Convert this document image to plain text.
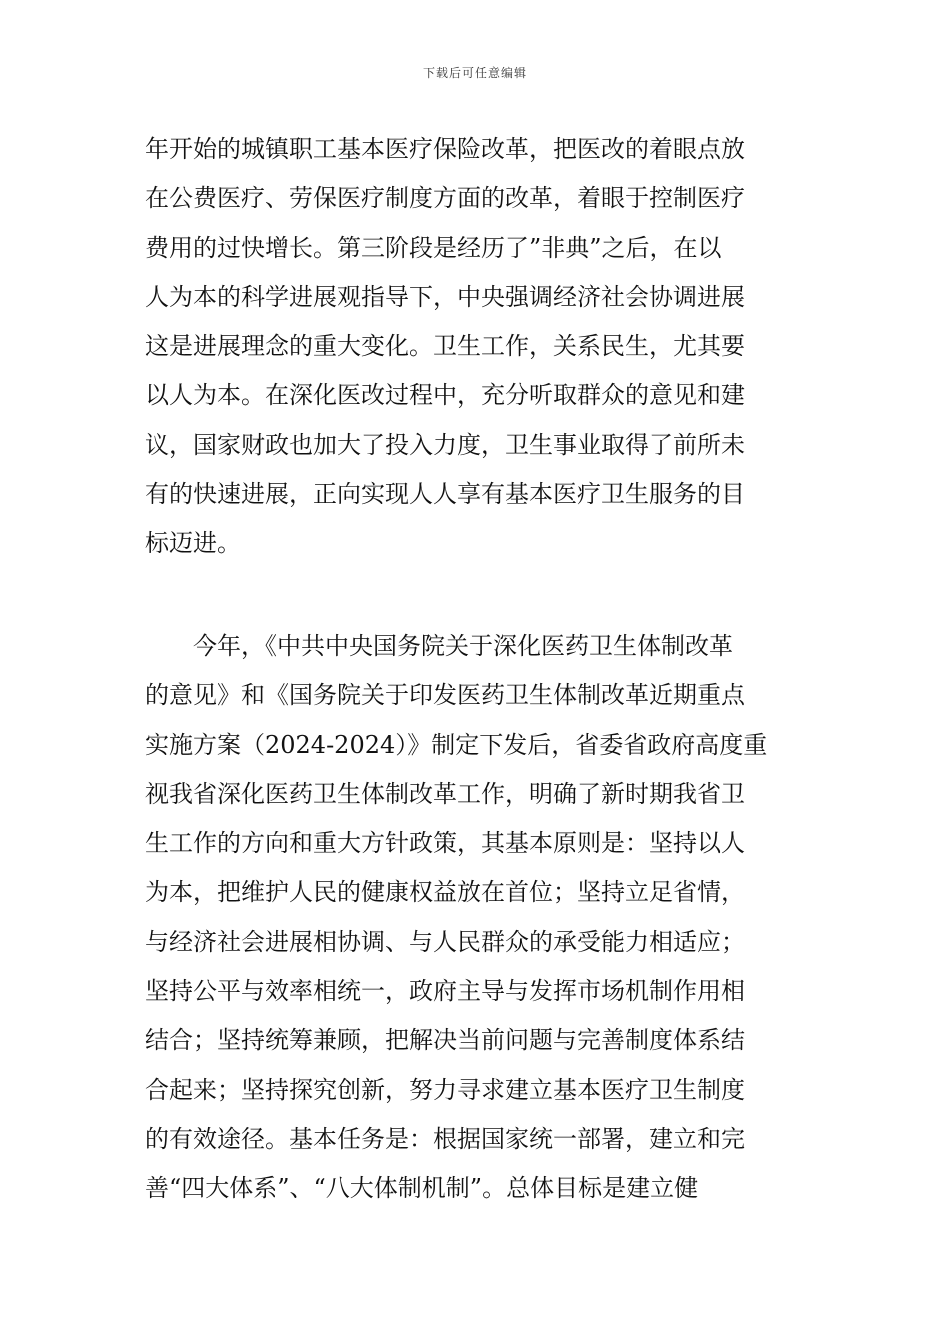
下载后可任意编辑
年开始的城镇职工基本医疗保险改革，把医改的着眼点放
在公费医疗、劳保医疗制度方面的改革，着眼于控制医疗
费用的过快增长。第三阶段是经历了”非典”之后，在以
人为本的科学进展观指导下，中央强调经济社会协调进展
这是进展理念的重大变化。卫生工作，关系民生，尤其要
以人为本。在深化医改过程中，充分听取群众的意见和建
议，国家财政也加大了投入力度，卫生事业取得了前所未
有的快速进展，正向实现人人享有基本医疗卫生服务的目
标迈进。
今年，《中共中央国务院关于深化医药卫生体制改革
的意见》和《国务院关于印发医药卫生体制改革近期重点
实施方案（2024-2024）》制定下发后，省委省政府高度重
视我省深化医药卫生体制改革工作，明确了新时期我省卫
生工作的方向和重大方针政策，其基本原则是：坚持以人
为本，把维护人民的健康权益放在首位；坚持立足省情，
与经济社会进展相协调、与人民群众的承受能力相适应；
坚持公平与效率相统一，政府主导与发挥市场机制作用相
结合；坚持统筹兼顾，把解决当前问题与完善制度体系结
合起来；坚持探究创新，努力寻求建立基本医疗卫生制度
的有效途径。基本任务是：根据国家统一部署，建立和完
善“四大体系”、“八大体制机制”。总体目标是建立健
